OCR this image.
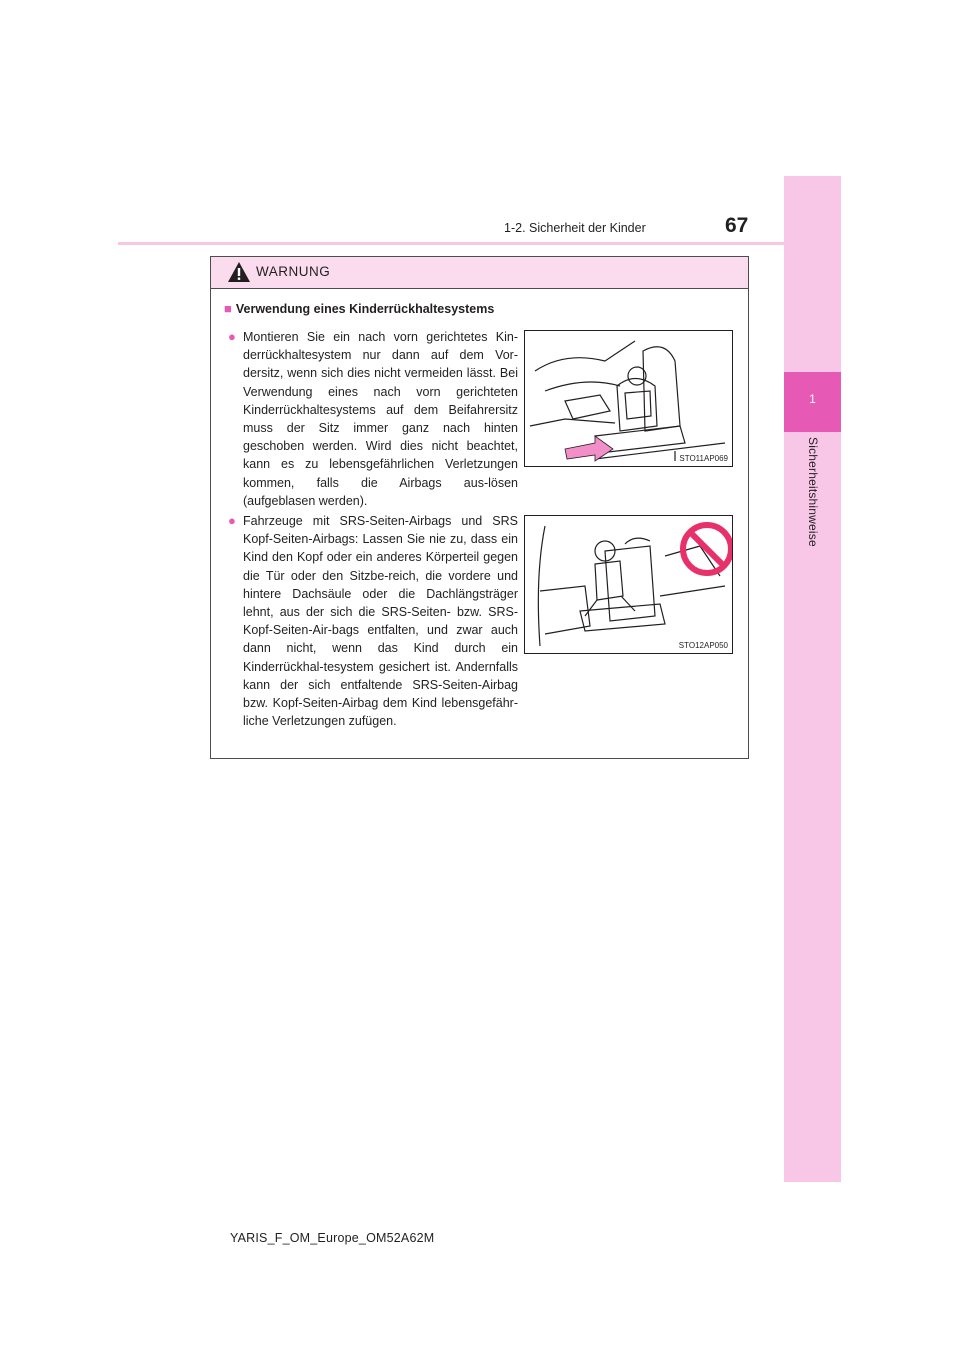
1
Sicherheitshinweise
1-2. Sicherheit der Kinder	67
WARNUNG
■ Verwendung eines Kinderrückhaltesystems
● Montieren Sie ein nach vorn gerichtetes Kin-derrückhaltesystem nur dann auf dem Vor-dersitz, wenn sich dies nicht vermeiden lässt. Bei Verwendung eines nach vorn gerichteten Kinderrückhaltesystems auf dem Beifahrersitz muss der Sitz immer ganz nach hinten geschoben werden. Wird dies nicht beachtet, kann es zu lebensgefährlichen Verletzungen kommen, falls die Airbags aus-lösen (aufgeblasen werden).
STO11AP069
● Fahrzeuge mit SRS-Seiten-Airbags und SRS Kopf-Seiten-Airbags: Lassen Sie nie zu, dass ein Kind den Kopf oder ein anderes Körperteil gegen die Tür oder den Sitzbe-reich, die vordere und hintere Dachsäule oder die Dachlängsträger lehnt, aus der sich die SRS-Seiten- bzw. SRS-Kopf-Seiten-Air-bags entfalten, und zwar auch dann nicht, wenn das Kind durch ein Kinderrückhal-tesystem gesichert ist. Andernfalls kann der sich entfaltende SRS-Seiten-Airbag bzw. Kopf-Seiten-Airbag dem Kind lebensgefähr-liche Verletzungen zufügen.
STO12AP050
YARIS_F_OM_Europe_OM52A62M
